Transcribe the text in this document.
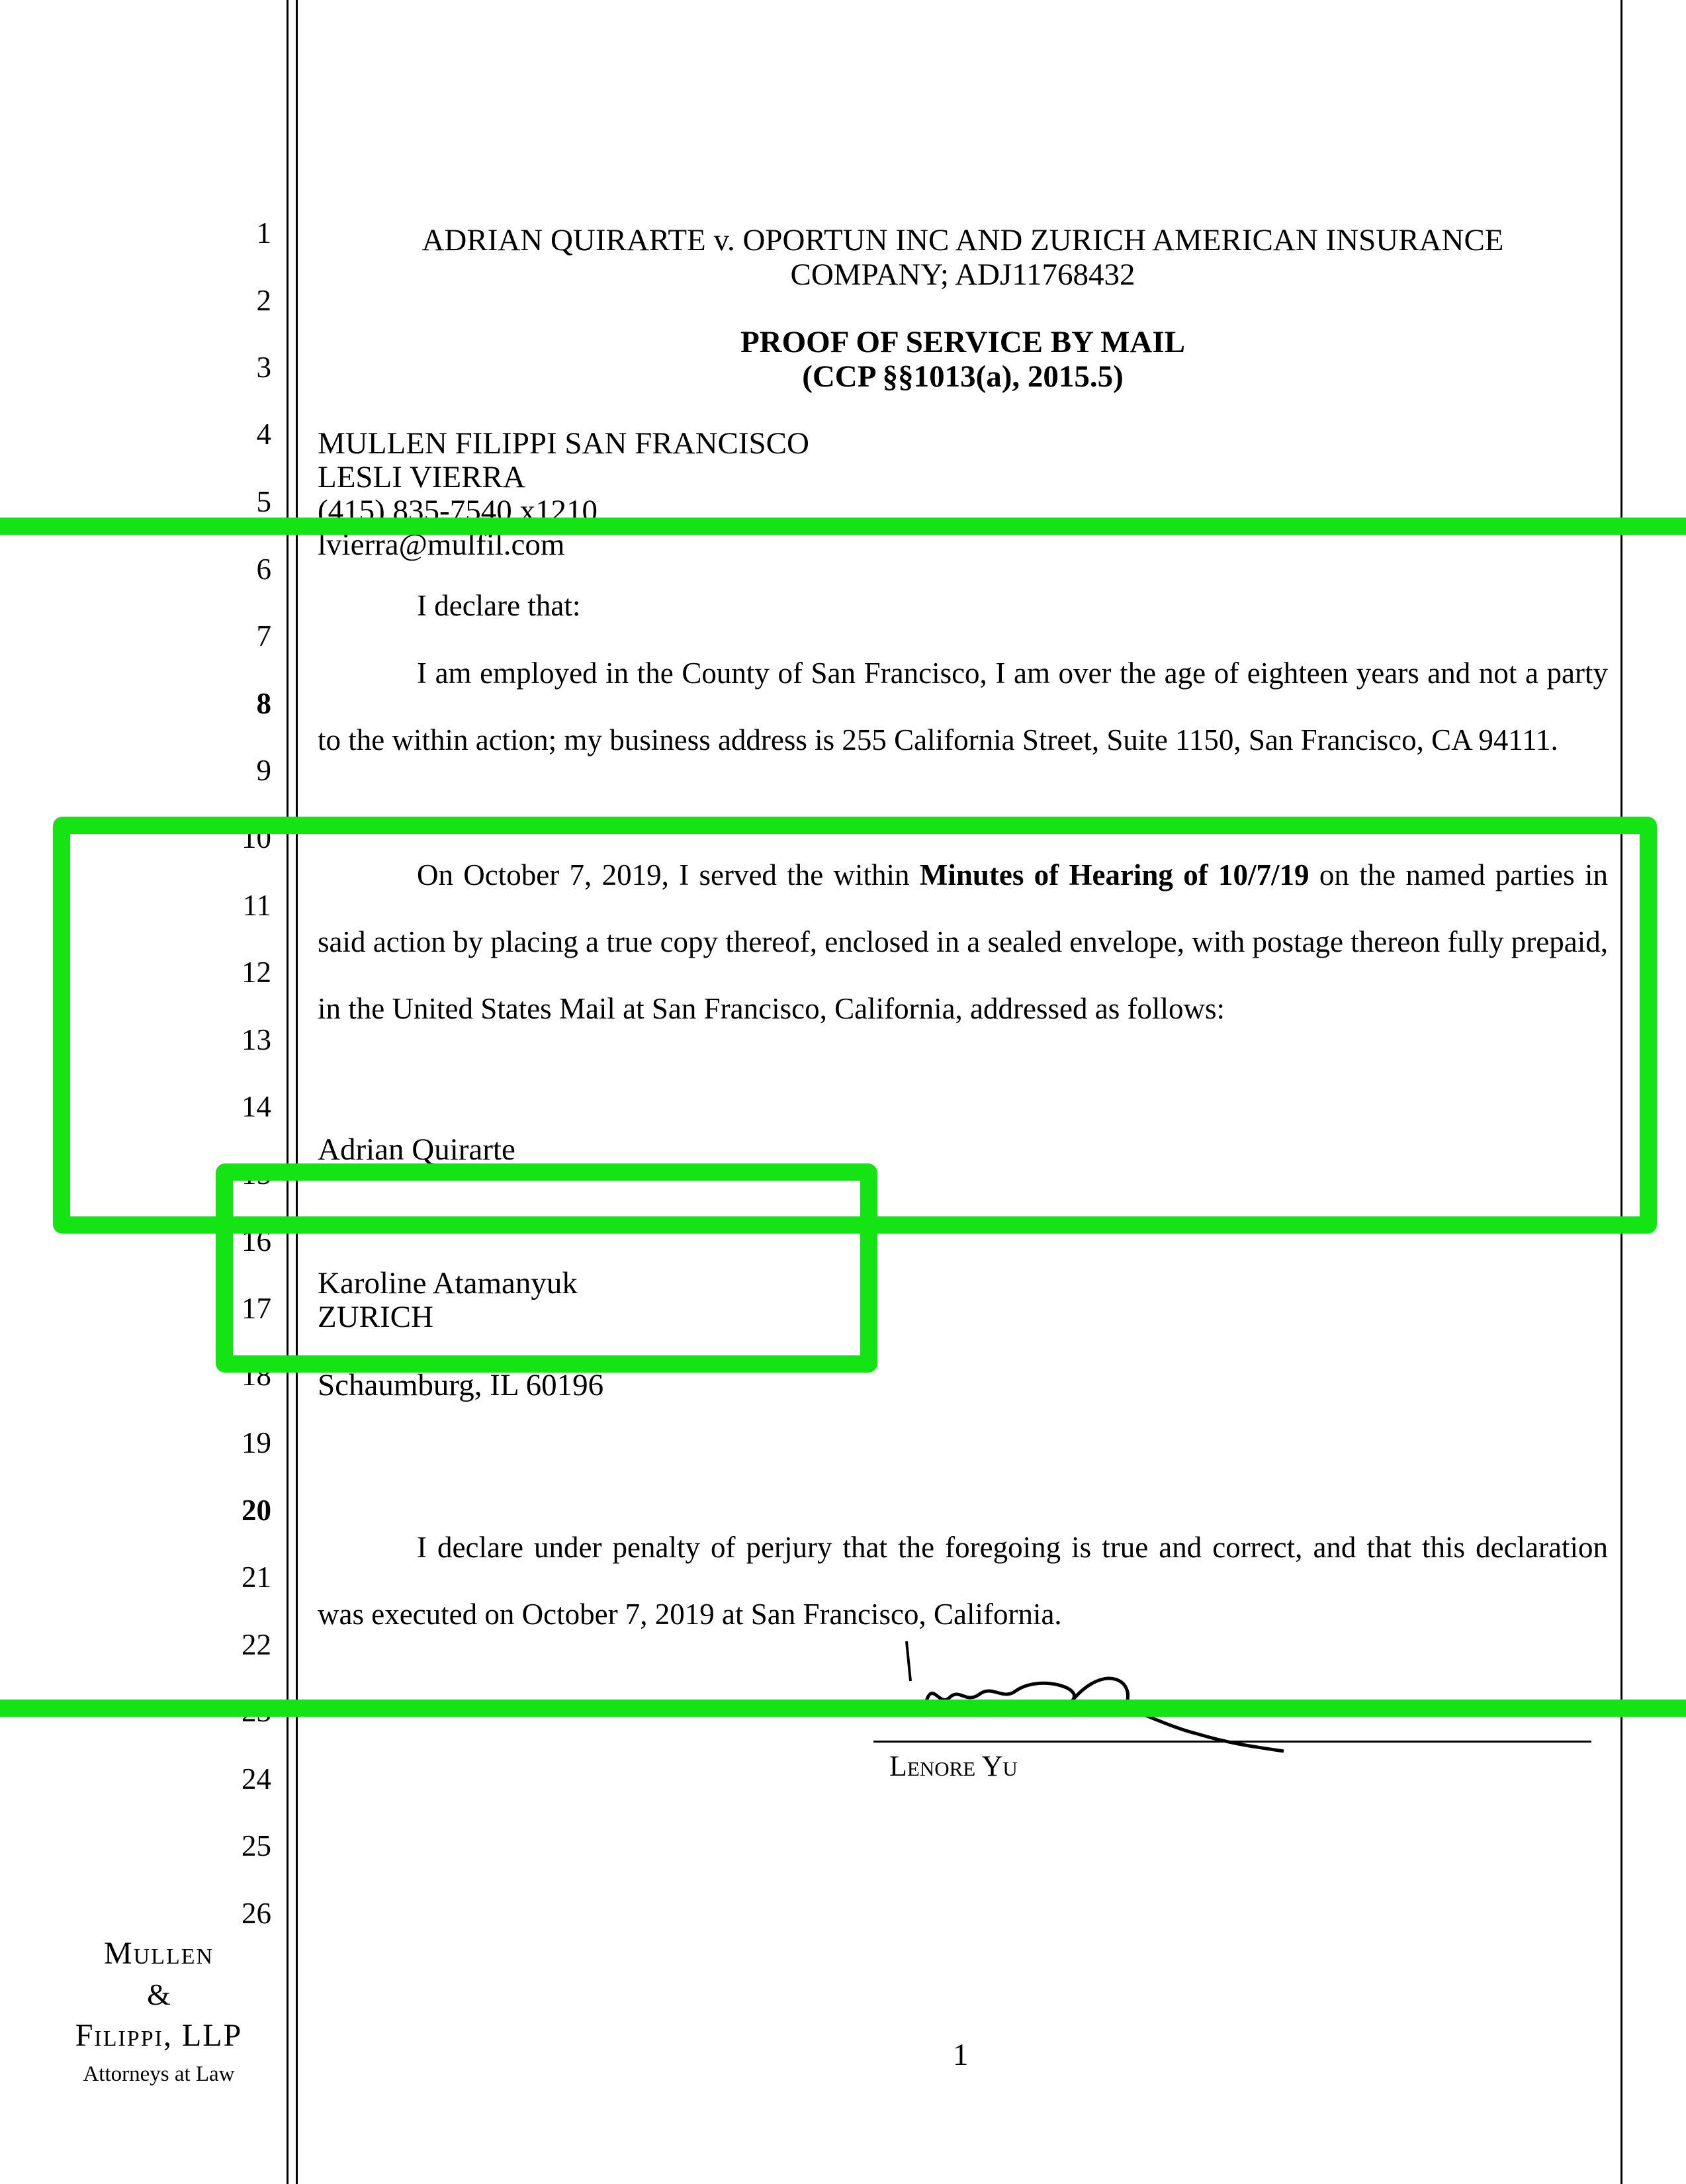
1
2
3
4
5
6
7
8
9
10
11
12
13
14
15
16
17
18
19
20
21
22
23
24
25
26
ADRIAN QUIRARTE v. OPORTUN INC AND ZURICH AMERICAN INSURANCE
COMPANY; ADJ11768432
PROOF OF SERVICE BY MAIL
(CCP §§1013(a), 2015.5)
MULLEN FILIPPI SAN FRANCISCO
LESLI VIERRA
(415) 835-7540 x1210
lvierra@mulfil.com
I declare that:
I am employed in the County of San Francisco, I am over the age of eighteen years and not a party to the within action; my business address is 255 California Street, Suite 1150, San Francisco, CA 94111.
On October 7, 2019, I served the within Minutes of Hearing of 10/7/19 on the named parties in said action by placing a true copy thereof, enclosed in a sealed envelope, with postage thereon fully prepaid, in the United States Mail at San Francisco, California, addressed as follows:
Adrian Quirarte
Karoline Atamanyuk
ZURICH
Schaumburg, IL 60196
I declare under penalty of perjury that the foregoing is true and correct, and that this declaration was executed on October 7, 2019 at San Francisco, California.
Lenore Yu
1
Mullen
&
Filippi, LLP
Attorneys at Law
